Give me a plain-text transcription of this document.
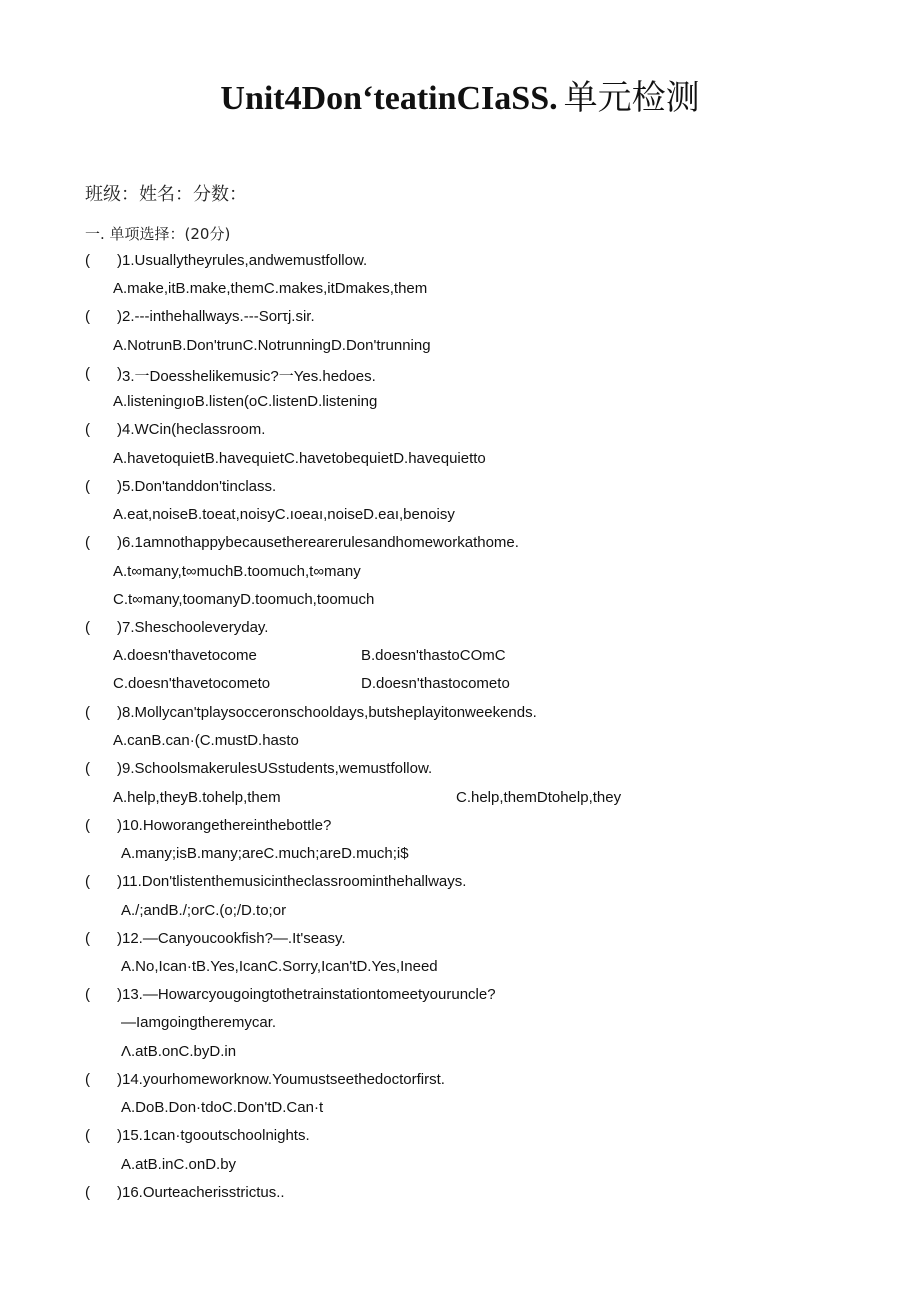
Unit4DonʻteatinCIaSS. 单元检测
班级：姓名：分数：
一. 单项选择：(20分)
( ) 1.Usuallytheyrules,andwemustfollow.
A.make,itB.make,themC.makes,itDmakes,them
( ) 2.---inthehallways.---Sorτj.sir.
A.NotrunB.Don'trunC.NotrunningD.Don'trunning
( ) 3.一Doesshelikemusic?一Yes.hedoes.
A.listeningıoB.listen(oC.listenD.listening
( ) 4.WCin(heclassroom.
A.havetoquietB.havequietC.havetobequietD.havequietto
( ) 5.Don'tanddon'tinclass.
A.eat,noiseB.toeat,noisyC.ıoeaı,noiseD.eaı,benoisy
( ) 6.1amnothappybecausetherearerulesandhomeworkathome.
A.t∞many,t∞muchB.toomuch,t∞many
C.t∞many,toomanyD.toomuch,toomuch
( ) 7.Sheschooleveryday.
A.doesn'thavetocome	B.doesn'thastoCOmC
C.doesn'thavetocometo	D.doesn'thastocometo
( ) 8.Mollycan'tplaysocceronschooldays,butsheplayitonweekends.
A.canB.can·(C.mustD.hasto
( ) 9.SchoolsmakerulesUSstudents,wemustfollow.
A.help,theyB.tohelp,them	C.help,themDtohelp,they
( ) 10.Howorangethereinthebottle?
A.many;isB.many;areC.much;areD.much;i$
( ) 11.Don'tlistenthemusicintheclassroominthehallways.
A./;andB./;orC.(o;/D.to;or
( ) 12.—Canyoucookfish?—.It'seasy.
A.No,Ican·tB.Yes,IcanC.Sorry,Ican'tD.Yes,Ineed
( ) 13.—Howarcyougoingtothetrainstationtomeetyouruncle?
—Iamgoingtheremycar.
Λ.atB.onC.byD.in
( ) 14.yourhomeworknow.Youmustseethedoctorfirst.
A.DoB.Don·tdoC.Don'tD.Can·t
( ) 15.1can·tgooutschoolnights.
А.atB.inC.onD.by
( ) 16.Ourteacherisstrictus..
